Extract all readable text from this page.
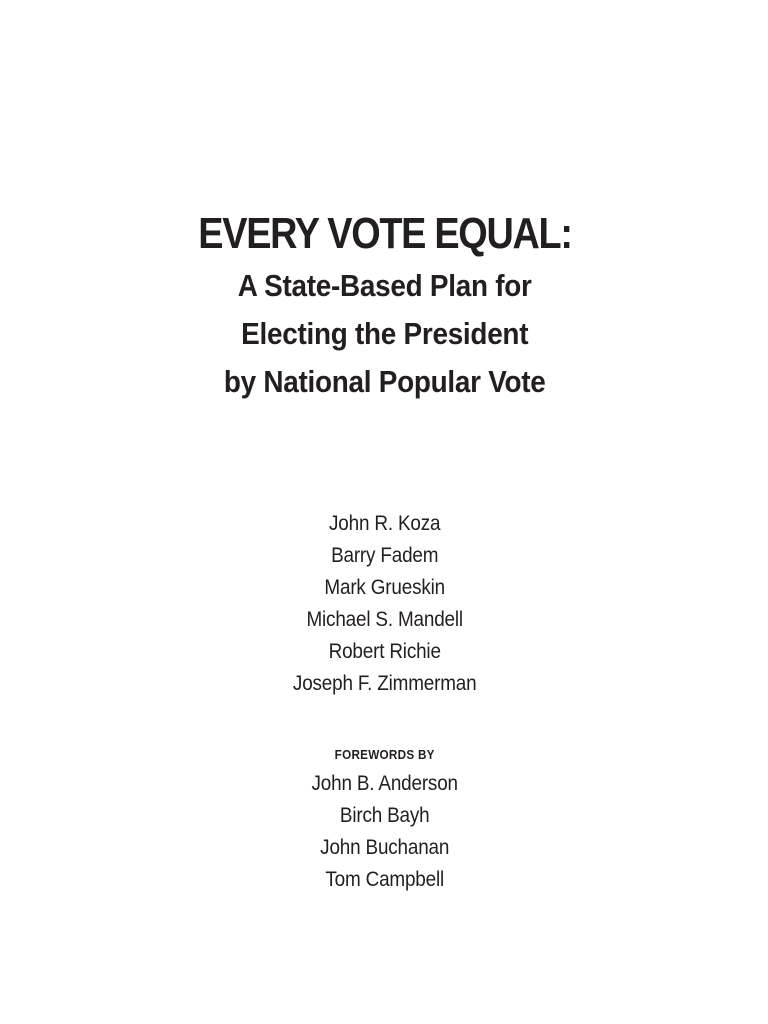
EVERY VOTE EQUAL:
A State-Based Plan for
Electing the President
by National Popular Vote
John R. Koza
Barry Fadem
Mark Grueskin
Michael S. Mandell
Robert Richie
Joseph F. Zimmerman
FOREWORDS BY
John B. Anderson
Birch Bayh
John Buchanan
Tom Campbell
